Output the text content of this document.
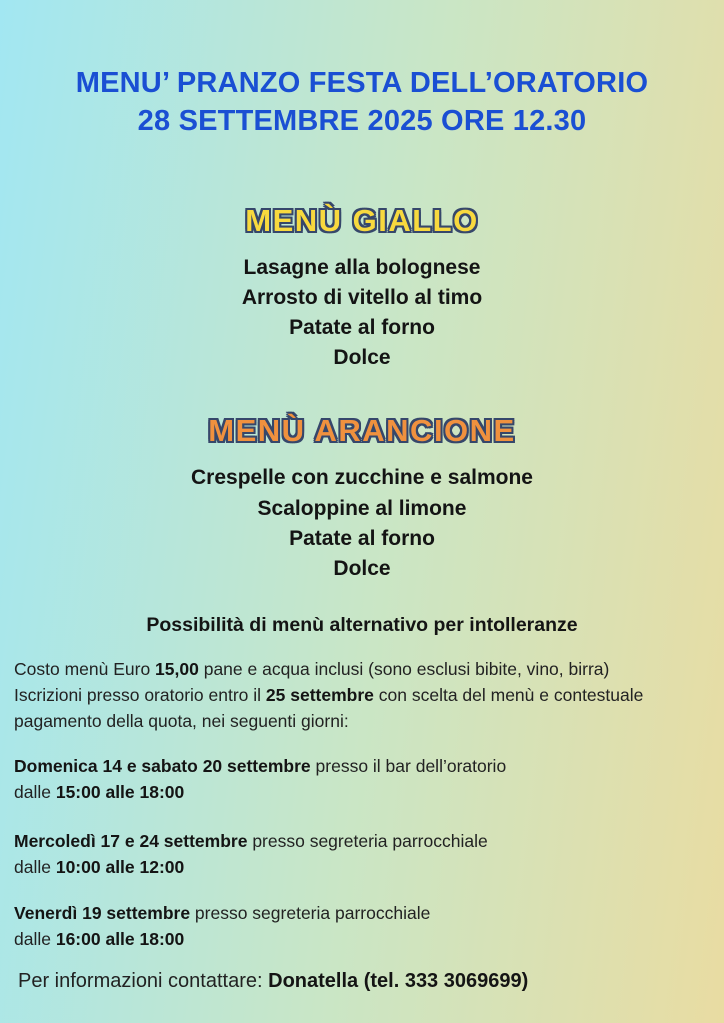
MENU’ PRANZO FESTA DELL’ORATORIO
28 SETTEMBRE 2025 ORE 12.30
MENÙ GIALLO
Lasagne alla bolognese
Arrosto di vitello al timo
Patate al forno
Dolce
MENÙ ARANCIONE
Crespelle con zucchine e salmone
Scaloppine al limone
Patate al forno
Dolce

Possibilità di menù alternativo per intolleranze

Costo menù Euro 15,00 pane e acqua inclusi (sono esclusi bibite, vino, birra)
Iscrizioni presso oratorio entro il 25 settembre con scelta del menù e contestuale pagamento della quota, nei seguenti giorni:

Domenica 14 e sabato 20 settembre presso il bar dell’oratorio

dalle 15:00 alle 18:00

Mercoledì 17 e 24 settembre presso segreteria parrocchiale

dalle 10:00 alle 12:00

Venerdì 19 settembre presso segreteria parrocchiale

dalle 16:00 alle 18:00

Per informazioni contattare: Donatella (tel. 333 3069699)
